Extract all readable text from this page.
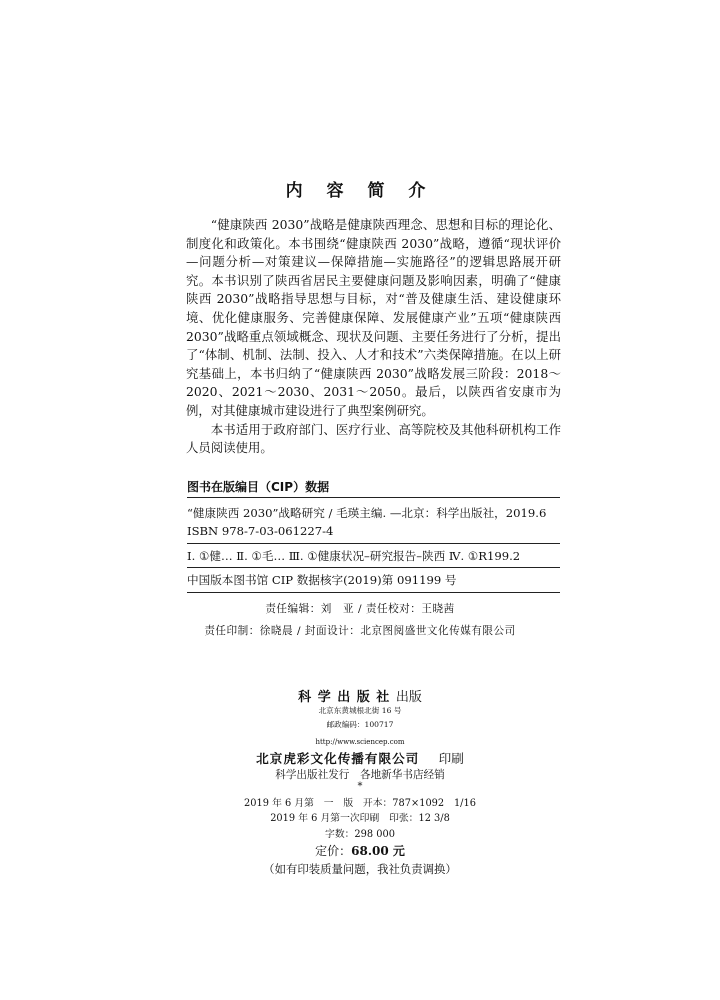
内 容 简 介

“健康陕西 2030”战略是健康陕西理念、思想和目标的理论化、制度化和政策化。本书围绕“健康陕西 2030”战略，遵循“现状评价—问题分析—对策建议—保障措施—实施路径”的逻辑思路展开研究。本书识别了陕西省居民主要健康问题及影响因素，明确了“健康陕西 2030”战略指导思想与目标，对“普及健康生活、建设健康环境、优化健康服务、完善健康保障、发展健康产业”五项“健康陕西 2030”战略重点领域概念、现状及问题、主要任务进行了分析，提出了“体制、机制、法制、投入、人才和技术”六类保障措施。在以上研究基础上，本书归纳了“健康陕西 2030”战略发展三阶段：2018～2020、2021～2030、2031～2050。最后，以陕西省安康市为例，对其健康城市建设进行了典型案例研究。

本书适用于政府部门、医疗行业、高等院校及其他科研机构工作人员阅读使用。

图书在版编目（CIP）数据
“健康陕西 2030”战略研究 / 毛瑛主编. —北京：科学出版社，2019.6
ISBN 978-7-03-061227-4
Ⅰ. ①健… Ⅱ. ①毛… Ⅲ. ①健康状况–研究报告–陕西 Ⅳ. ①R199.2
中国版本图书馆 CIP 数据核字(2019)第 091199 号
责任编辑：刘　亚 / 责任校对：王晓茜
责任印制：徐晓晨 / 封面设计：北京图阅盛世文化传媒有限公司
科 学 出 版 社 出版
北京东黄城根北街 16 号
邮政编码：100717
http://www.sciencep.com
北京虎彩文化传播有限公司 印刷
科学出版社发行　各地新华书店经销
*
2019 年 6 月第　一　版　开本：787×1092　1/16
2019 年 6 月第一次印刷　印张：12 3/8
字数：298 000
定价：68.00 元
（如有印装质量问题，我社负责调换）
